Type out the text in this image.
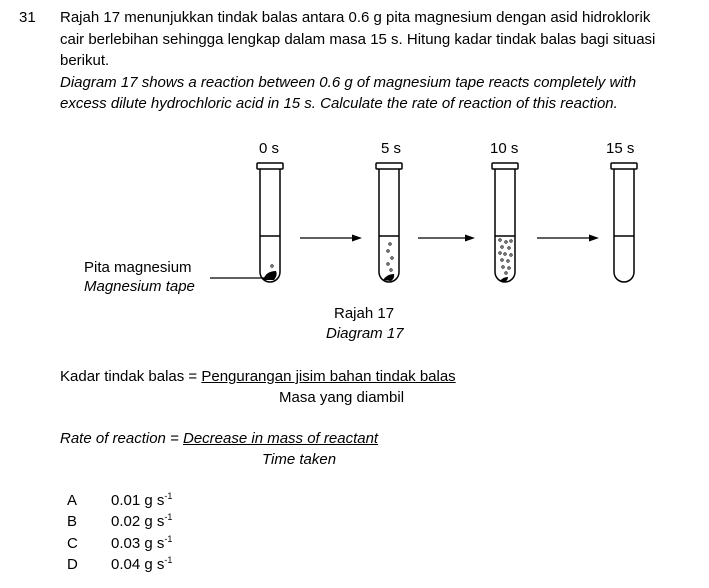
31 Rajah 17 menunjukkan tindak balas antara 0.6 g pita magnesium dengan asid hidroklorik
cair berlebihan sehingga lengkap dalam masa 15 s. Hitung kadar tindak balas bagi situasi
berikut.
Diagram 17 shows a reaction between 0.6 g of magnesium tape reacts completely with
excess dilute hydrochloric acid in 15 s. Calculate the rate of reaction of this reaction.
0 s	5 s	10 s	15 s
Pita magnesium
Magnesium tape
Rajah 17
Diagram 17
Kadar tindak balas = Pengurangan jisim bahan tindak balas
Masa yang diambil
Rate of reaction = Decrease in mass of reactant
Time taken
A 0.01 g $s^{-1}$
B 0.02 g $s^{-1}$
C 0.03 g $s^{-1}$
D 0.04 g $s^{-1}$
